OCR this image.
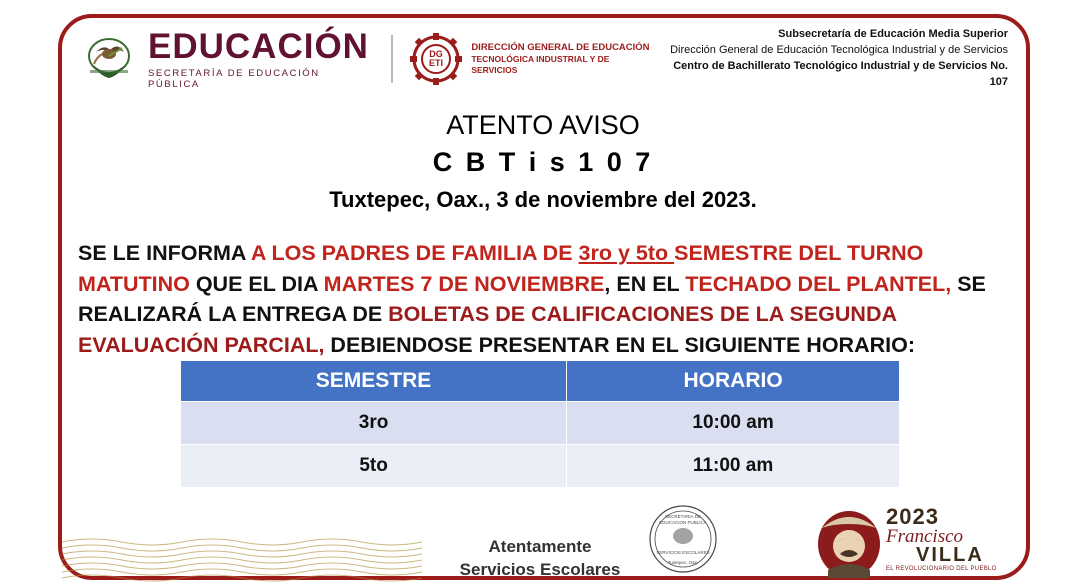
EDUCACIÓN
SECRETARÍA DE EDUCACIÓN PÚBLICA
DG
ETI
DIRECCIÓN GENERAL DE EDUCACIÓN
TECNOLÓGICA INDUSTRIAL Y DE SERVICIOS
Subsecretaría de Educación Media Superior
Dirección General de Educación Tecnológica Industrial y de Servicios
Centro de Bachillerato Tecnológico Industrial y de Servicios No. 107
ATENTO AVISO
C B T i s 1 0 7
Tuxtepec, Oax., 3 de noviembre del 2023.
SE LE INFORMA A LOS PADRES DE FAMILIA DE 3ro y 5to SEMESTRE DEL TURNO MATUTINO QUE EL DIA MARTES 7 DE NOVIEMBRE, EN EL TECHADO DEL PLANTEL, SE REALIZARÁ LA ENTREGA DE BOLETAS DE CALIFICACIONES DE LA SEGUNDA EVALUACIÓN PARCIAL, DEBIENDOSE PRESENTAR EN EL SIGUIENTE HORARIO:
SEMESTRE	HORARIO
3ro	10:00 am
5to	11:00 am
Atentamente
Servicios Escolares
SECRETARIA DE
EDUCACION PUBLICA
SERVICIOS ESCOLARES
Tuxtepec, Oax.
2023
Francisco
VILLA
EL REVOLUCIONARIO DEL PUEBLO
